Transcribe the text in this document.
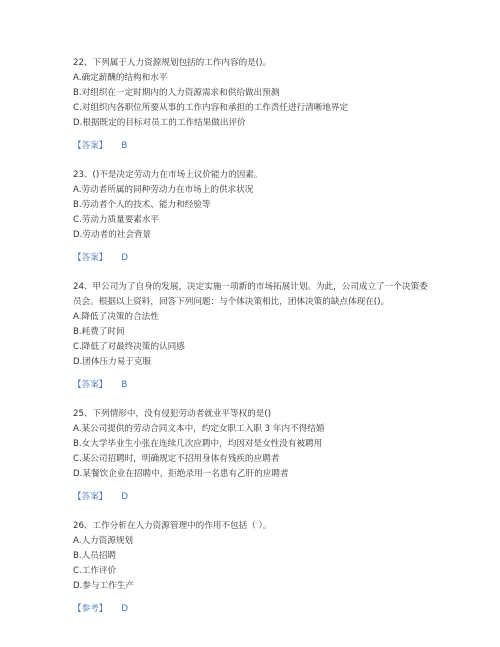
22、下列属于人力资源规划包括的工作内容的是()。

A.确定薪酬的结构和水平

B.对组织在一定时期内的人力资源需求和供给做出预测

C.对组织内各职位所要从事的工作内容和承担的工作责任进行清晰地界定

D.根据既定的目标对员工的工作结果做出评价

【答案】 B

23、()不是决定劳动力在市场上议价能力的因素。

A.劳动者所属的同种劳动力在市场上的供求状况

B.劳动者个人的技术、能力和经验等

C.劳动力质量要素水平

D.劳动者的社会背景

【答案】 D

24、甲公司为了自身的发展，决定实施一项新的市场拓展计划。为此，公司成立了一个决策委员会。根据以上资料，回答下列问题：与个体决策相比，团体决策的缺点体现在()。

A.降低了决策的合法性

B.耗费了时间

C.降低了对最终决策的认同感

D.团体压力易于克服

【答案】 B

25、下列情形中，没有侵犯劳动者就业平等权的是()

A.某公司提供的劳动合同文本中，约定女职工入职 3 年内不得结婚

B.女大学毕业生小张在连续几次应聘中，均因对是女性没有被聘用

C.某公司招聘时，明确规定不招用身体有残疾的应聘者

D.某餐饮企业在招聘中，拒绝录用一名患有乙肝的应聘者

【答案】 D

26、工作分析在人力资源管理中的作用不包括（ ）。

A.人力资源规划

B.人员招聘

C.工作评价

D.参与工作生产

【参考】 D
